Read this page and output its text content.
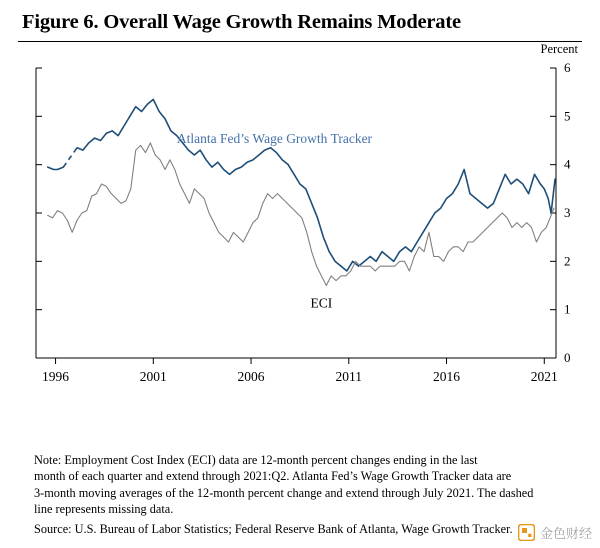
Figure 6. Overall Wage Growth Remains Moderate
Percent
0
1
2
3
4
5
6
1996	2001	2006	2011	2016	2021
Atlanta Fed’s Wage Growth Tracker
ECI
Note: Employment Cost Index (ECI) data are 12-month percent changes ending in the last
month of each quarter and extend through 2021:Q2. Atlanta Fed’s Wage Growth Tracker data are
3-month moving averages of the 12-month percent change and extend through July 2021. The dashed
line represents missing data.
Source: U.S. Bureau of Labor Statistics; Federal Reserve Bank of Atlanta, Wage Growth Tracker.	金色财经
